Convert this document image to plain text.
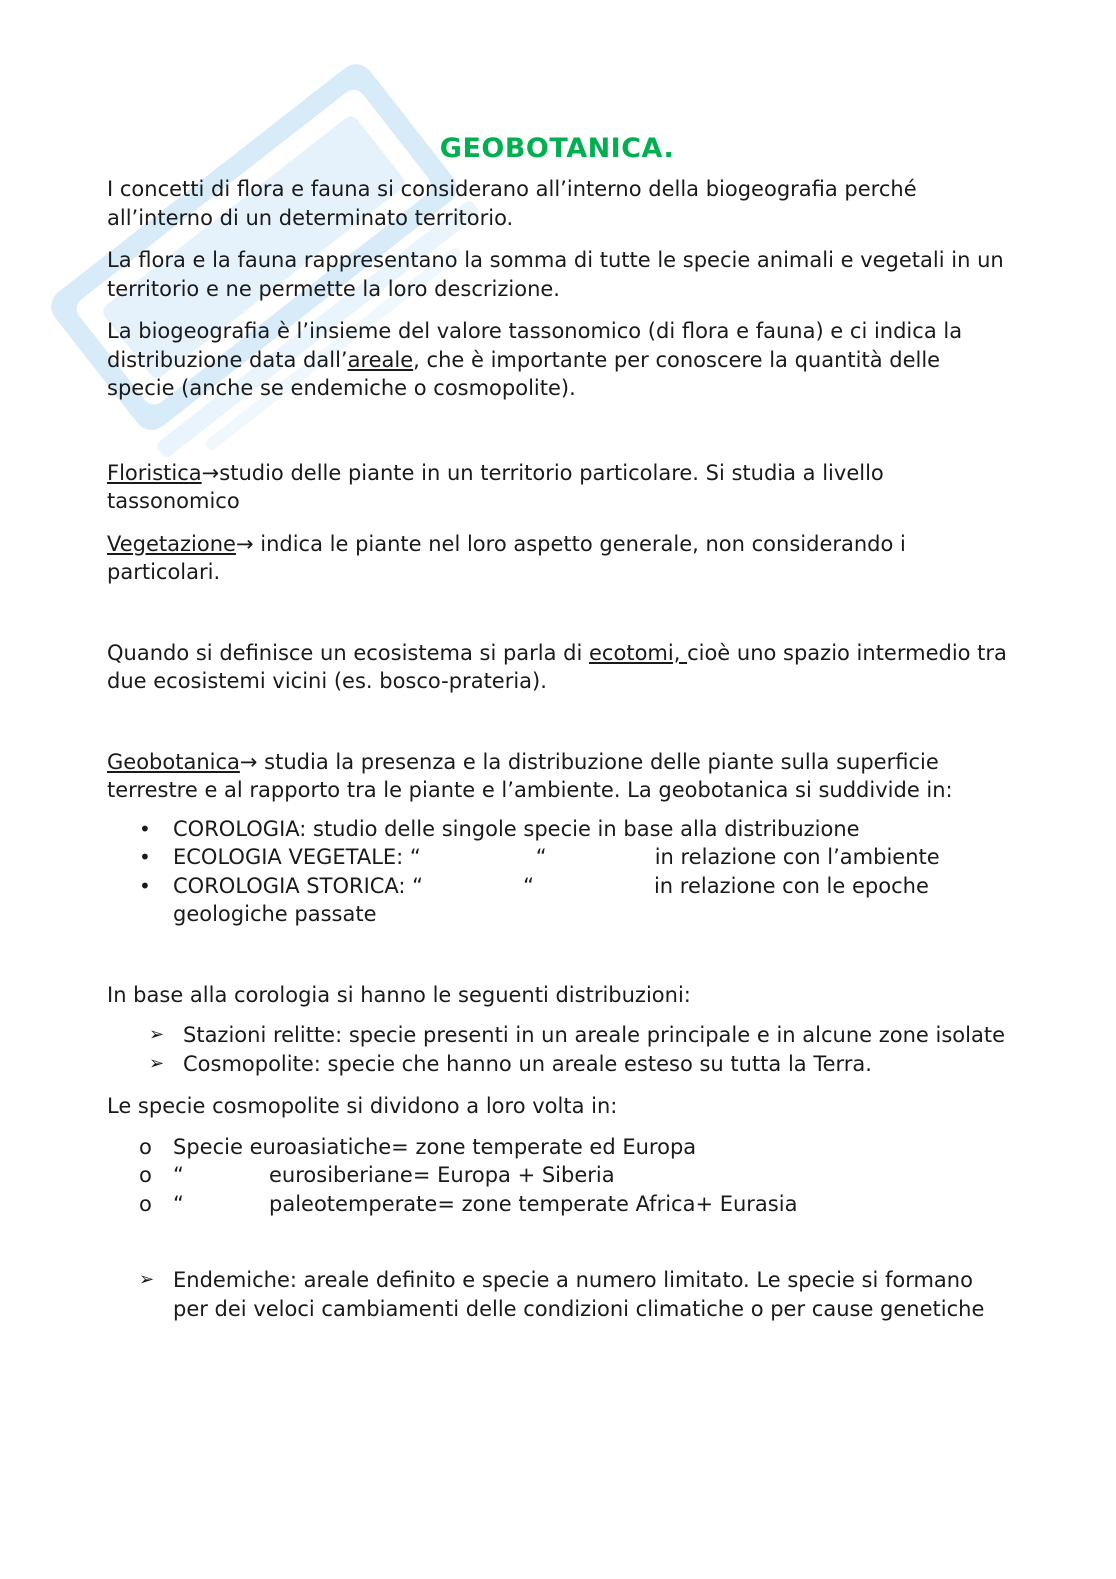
GEOBOTANICA.

I concetti di flora e fauna si considerano all’interno della biogeografia perché all’interno di un determinato territorio.

La flora e la fauna rappresentano la somma di tutte le specie animali e vegetali in un territorio e ne permette la loro descrizione.

La biogeografia è l’insieme del valore tassonomico (di flora e fauna) e ci indica la distribuzione data dall’areale, che è importante per conoscere la quantità delle specie (anche se endemiche o cosmopolite).

Floristica→studio delle piante in un territorio particolare. Si studia a livello tassonomico

Vegetazione→ indica le piante nel loro aspetto generale, non considerando i particolari.

Quando si definisce un ecosistema si parla di ecotomi, cioè uno spazio intermedio tra due ecosistemi vicini (es. bosco-prateria).

Geobotanica→ studia la presenza e la distribuzione delle piante sulla superficie terrestre e al rapporto tra le piante e l’ambiente. La geobotanica si suddivide in:

•	COROLOGIA: studio delle singole specie in base alla distribuzione
•	ECOLOGIA VEGETALE: “	“	in relazione con l’ambiente
•	COROLOGIA STORICA: “	“	in relazione con le epoche geologiche passate

In base alla corologia si hanno le seguenti distribuzioni:

➢ Stazioni relitte: specie presenti in un areale principale e in alcune zone isolate
➢ Cosmopolite: specie che hanno un areale esteso su tutta la Terra.

Le specie cosmopolite si dividono a loro volta in:

o	Specie euroasiatiche= zone temperate ed Europa
o	“	eurosiberiane= Europa + Siberia
o	“	paleotemperate= zone temperate Africa+ Eurasia
➢ Endemiche: areale definito e specie a numero limitato. Le specie si formano per dei veloci cambiamenti delle condizioni climatiche o per cause genetiche
